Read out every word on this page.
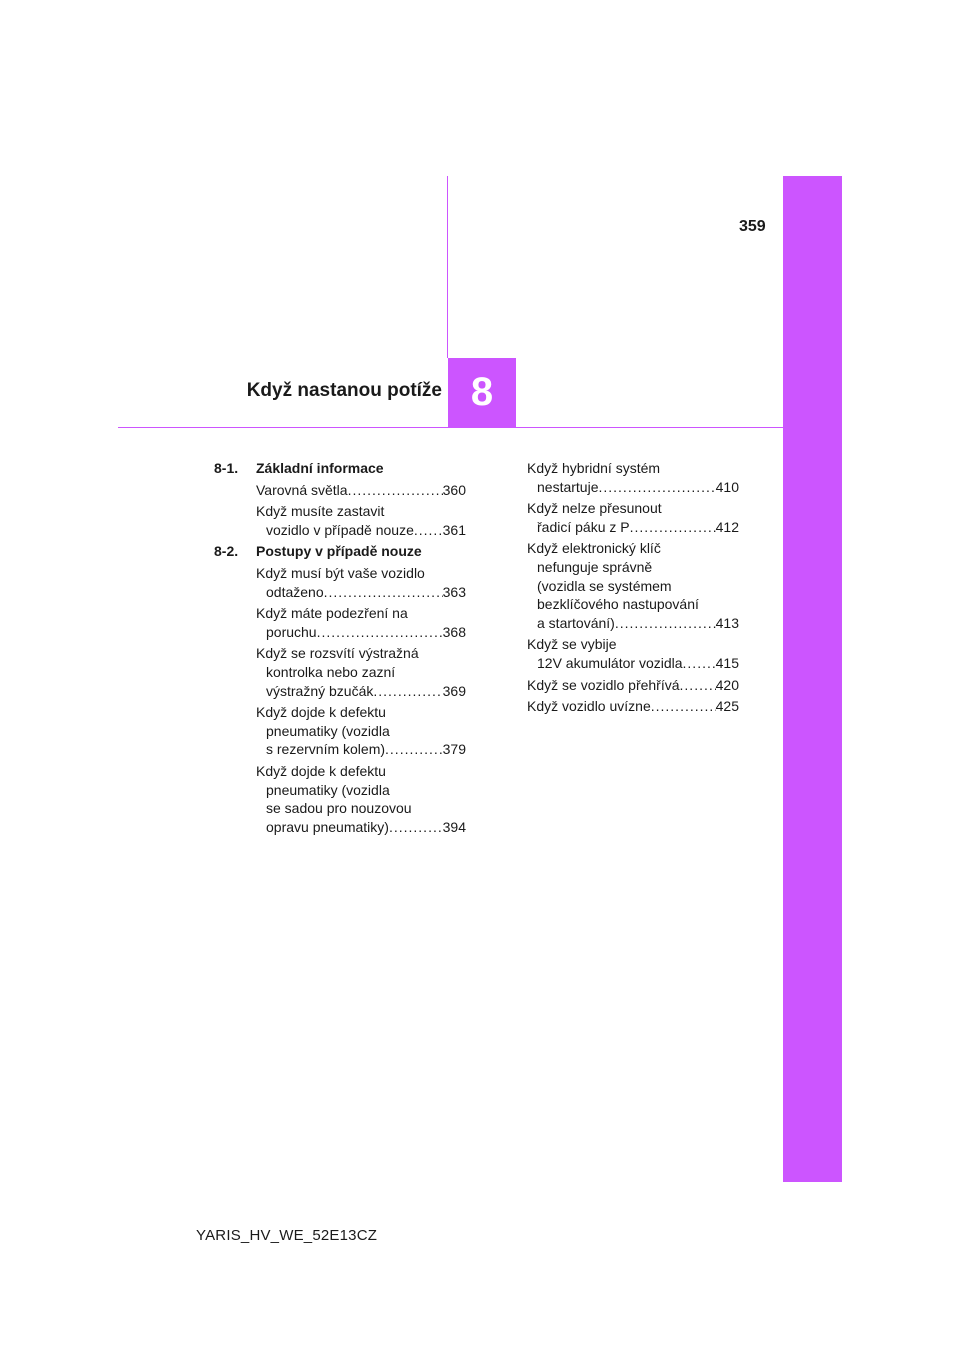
8
Když nastanou potíže
359
8-1.	Základní informace
Varovná světla .....	360
Když musíte zastavit
vozidlo v případě nouze ..... 361
8-2.	Postupy v případě nouze
Když musí být vaše vozidlo
odtaženo .....	363
Když máte podezření na
poruchu .....	368
Když se rozsvítí výstražná
kontrolka nebo zazní
výstražný bzučák .....	369
Když dojde k defektu
pneumatiky (vozidla
s rezervním kolem) .....	379
Když dojde k defektu
pneumatiky (vozidla
se sadou pro nouzovou
opravu pneumatiky) .....	394
Když hybridní systém
nestartuje .....	410
Když nelze přesunout
řadicí páku z P .....	412
Když elektronický klíč
nefunguje správně
(vozidla se systémem
bezklíčového nastupování
a startování) .....	413
Když se vybije
12V akumulátor vozidla ..... 415
Když se vozidlo přehřívá .....	420
Když vozidlo uvízne .....	425
YARIS_HV_WE_52E13CZ
